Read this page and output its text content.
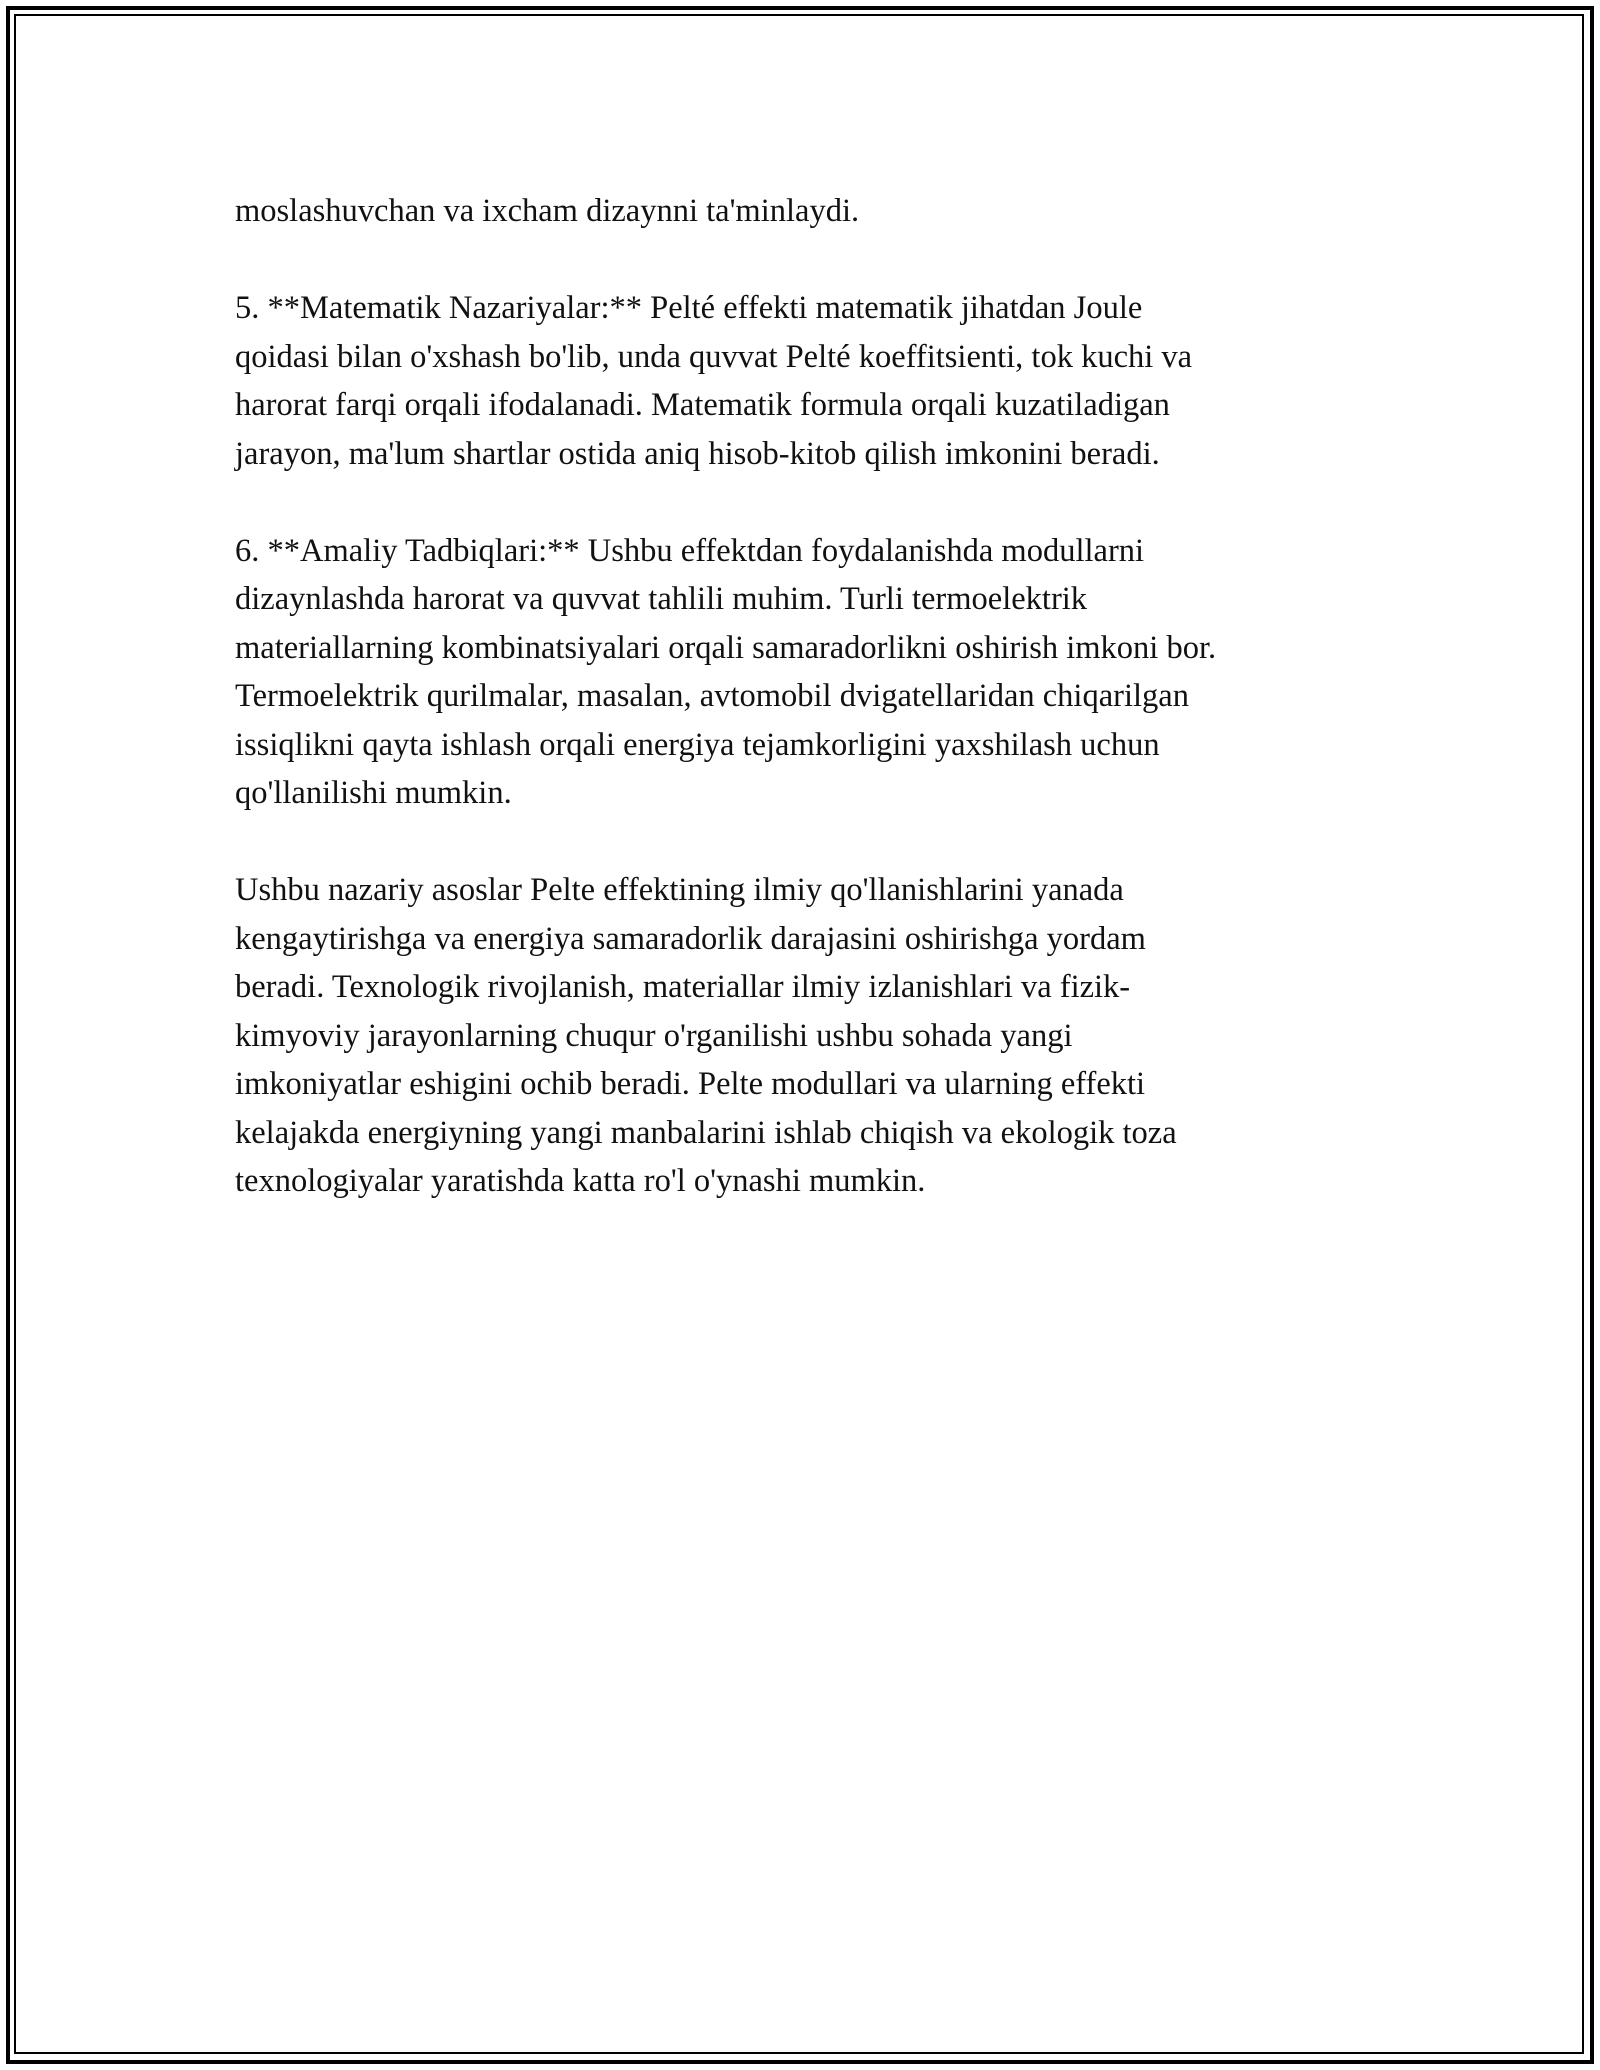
moslashuvchan va ixcham dizaynni ta'minlaydi.

5. **Matematik Nazariyalar:** Pelté effekti matematik jihatdan Joule
qoidasi bilan o'xshash bo'lib, unda quvvat Pelté koeffitsienti, tok kuchi va
harorat farqi orqali ifodalanadi. Matematik formula orqali kuzatiladigan
jarayon, ma'lum shartlar ostida aniq hisob-kitob qilish imkonini beradi.

6. **Amaliy Tadbiqlari:** Ushbu effektdan foydalanishda modullarni
dizaynlashda harorat va quvvat tahlili muhim. Turli termoelektrik
materiallarning kombinatsiyalari orqali samaradorlikni oshirish imkoni bor.
Termoelektrik qurilmalar, masalan, avtomobil dvigatellaridan chiqarilgan
issiqlikni qayta ishlash orqali energiya tejamkorligini yaxshilash uchun
qo'llanilishi mumkin.

Ushbu nazariy asoslar Pelte effektining ilmiy qo'llanishlarini yanada
kengaytirishga va energiya samaradorlik darajasini oshirishga yordam
beradi. Texnologik rivojlanish, materiallar ilmiy izlanishlari va fizik-
kimyoviy jarayonlarning chuqur o'rganilishi ushbu sohada yangi
imkoniyatlar eshigini ochib beradi. Pelte modullari va ularning effekti
kelajakda energiyning yangi manbalarini ishlab chiqish va ekologik toza
texnologiyalar yaratishda katta ro'l o'ynashi mumkin.
